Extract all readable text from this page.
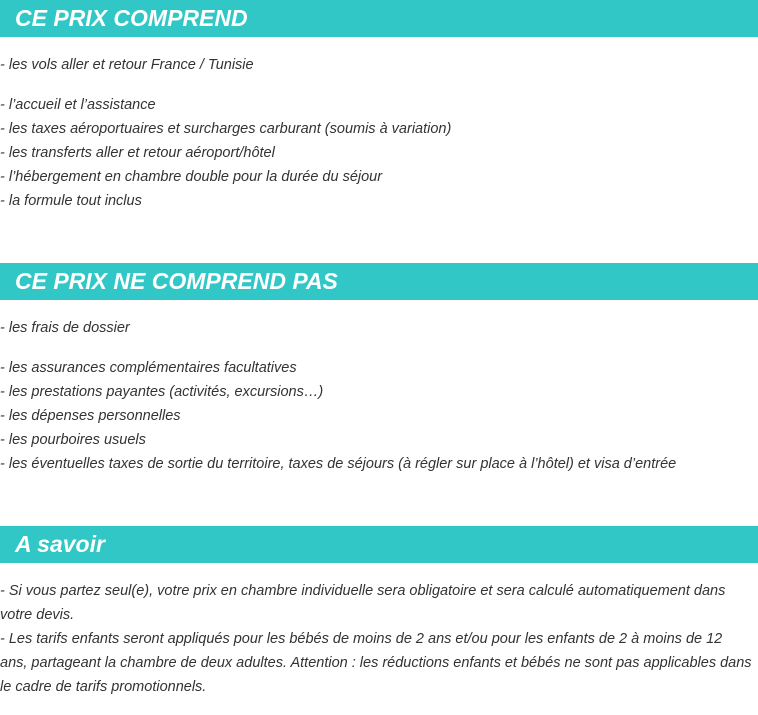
CE PRIX COMPREND
- les vols aller et retour France / Tunisie
- l’accueil et l’assistance
- les taxes aéroportuaires et surcharges carburant (soumis à variation)
- les transferts aller et retour aéroport/hôtel
- l’hébergement en chambre double pour la durée du séjour
- la formule tout inclus
CE PRIX NE COMPREND PAS
- les frais de dossier
- les assurances complémentaires facultatives
- les prestations payantes (activités, excursions…)
- les dépenses personnelles
- les pourboires usuels
- les éventuelles taxes de sortie du territoire, taxes de séjours (à régler sur place à l’hôtel) et visa d’entrée
A savoir

- Si vous partez seul(e), votre prix en chambre individuelle sera obligatoire et sera calculé automatiquement dans votre devis.

- Les tarifs enfants seront appliqués pour les bébés de moins de 2 ans et/ou pour les enfants de 2 à moins de 12 ans, partageant la chambre de deux adultes. Attention : les réductions enfants et bébés ne sont pas applicables dans le cadre de tarifs promotionnels.
